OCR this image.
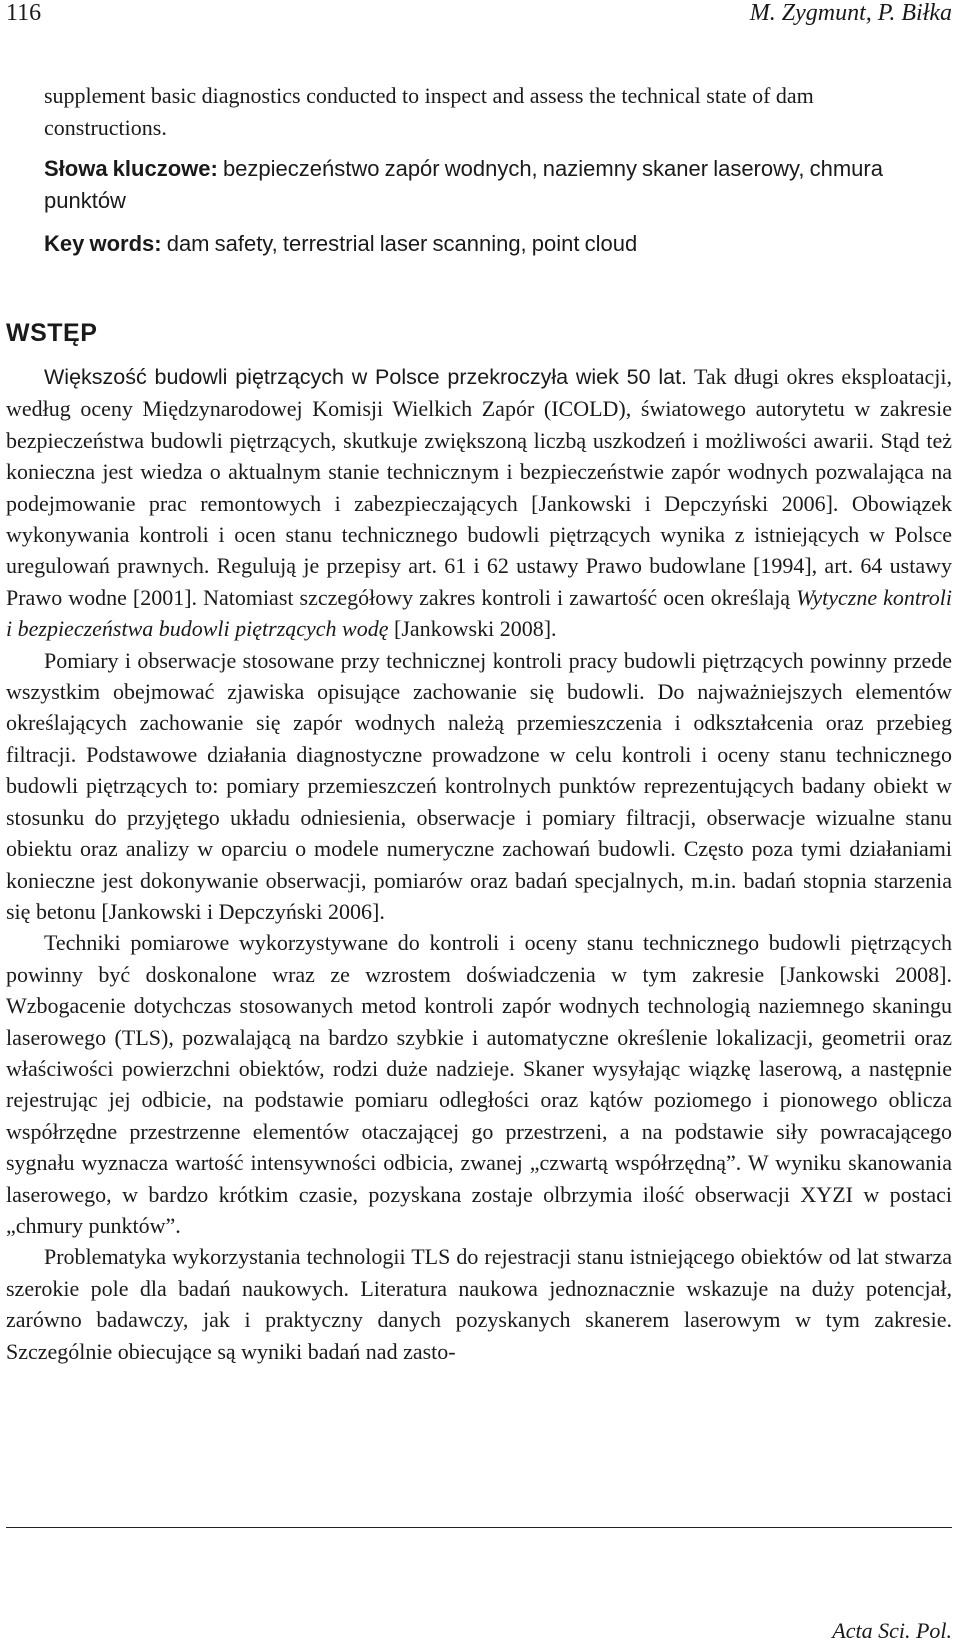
116	M. Zygmunt, P. Biłka
supplement basic diagnostics conducted to inspect and assess the technical state of dam constructions.
Słowa kluczowe: bezpieczeństwo zapór wodnych, naziemny skaner laserowy, chmura punktów
Key words: dam safety, terrestrial laser scanning, point cloud
WSTĘP

Większość budowli piętrzących w Polsce przekroczyła wiek 50 lat. Tak długi okres eksploatacji, według oceny Międzynarodowej Komisji Wielkich Zapór (ICOLD), światowego autorytetu w zakresie bezpieczeństwa budowli piętrzących, skutkuje zwiększoną liczbą uszkodzeń i możliwości awarii. Stąd też konieczna jest wiedza o aktualnym stanie technicznym i bezpieczeństwie zapór wodnych pozwalająca na podejmowanie prac remontowych i zabezpieczających [Jankowski i Depczyński 2006]. Obowiązek wykonywania kontroli i ocen stanu technicznego budowli piętrzących wynika z istniejących w Polsce uregulowań prawnych. Regulują je przepisy art. 61 i 62 ustawy Prawo budowlane [1994], art. 64 ustawy Prawo wodne [2001]. Natomiast szczegółowy zakres kontroli i zawartość ocen określają Wytyczne kontroli i bezpieczeństwa budowli piętrzących wodę [Jankowski 2008].

Pomiary i obserwacje stosowane przy technicznej kontroli pracy budowli piętrzących powinny przede wszystkim obejmować zjawiska opisujące zachowanie się budowli. Do najważniejszych elementów określających zachowanie się zapór wodnych należą przemieszczenia i odkształcenia oraz przebieg filtracji. Podstawowe działania diagnostyczne prowadzone w celu kontroli i oceny stanu technicznego budowli piętrzących to: pomiary przemieszczeń kontrolnych punktów reprezentujących badany obiekt w stosunku do przyjętego układu odniesienia, obserwacje i pomiary filtracji, obserwacje wizualne stanu obiektu oraz analizy w oparciu o modele numeryczne zachowań budowli. Często poza tymi działaniami konieczne jest dokonywanie obserwacji, pomiarów oraz badań specjalnych, m.in. badań stopnia starzenia się betonu [Jankowski i Depczyński 2006].

Techniki pomiarowe wykorzystywane do kontroli i oceny stanu technicznego budowli piętrzących powinny być doskonalone wraz ze wzrostem doświadczenia w tym zakresie [Jankowski 2008]. Wzbogacenie dotychczas stosowanych metod kontroli zapór wodnych technologią naziemnego skaningu laserowego (TLS), pozwalającą na bardzo szybkie i automatyczne określenie lokalizacji, geometrii oraz właściwości powierzchni obiektów, rodzi duże nadzieje. Skaner wysyłając wiązkę laserową, a następnie rejestrując jej odbicie, na podstawie pomiaru odległości oraz kątów poziomego i pionowego oblicza współrzędne przestrzenne elementów otaczającej go przestrzeni, a na podstawie siły powracającego sygnału wyznacza wartość intensywności odbicia, zwanej „czwartą współrzędną”. W wyniku skanowania laserowego, w bardzo krótkim czasie, pozyskana zostaje olbrzymia ilość obserwacji XYZI w postaci „chmury punktów”.

Problematyka wykorzystania technologii TLS do rejestracji stanu istniejącego obiektów od lat stwarza szerokie pole dla badań naukowych. Literatura naukowa jednoznacznie wskazuje na duży potencjał, zarówno badawczy, jak i praktyczny danych pozyskanych skanerem laserowym w tym zakresie. Szczególnie obiecujące są wyniki badań nad zasto-

Acta Sci. Pol.
